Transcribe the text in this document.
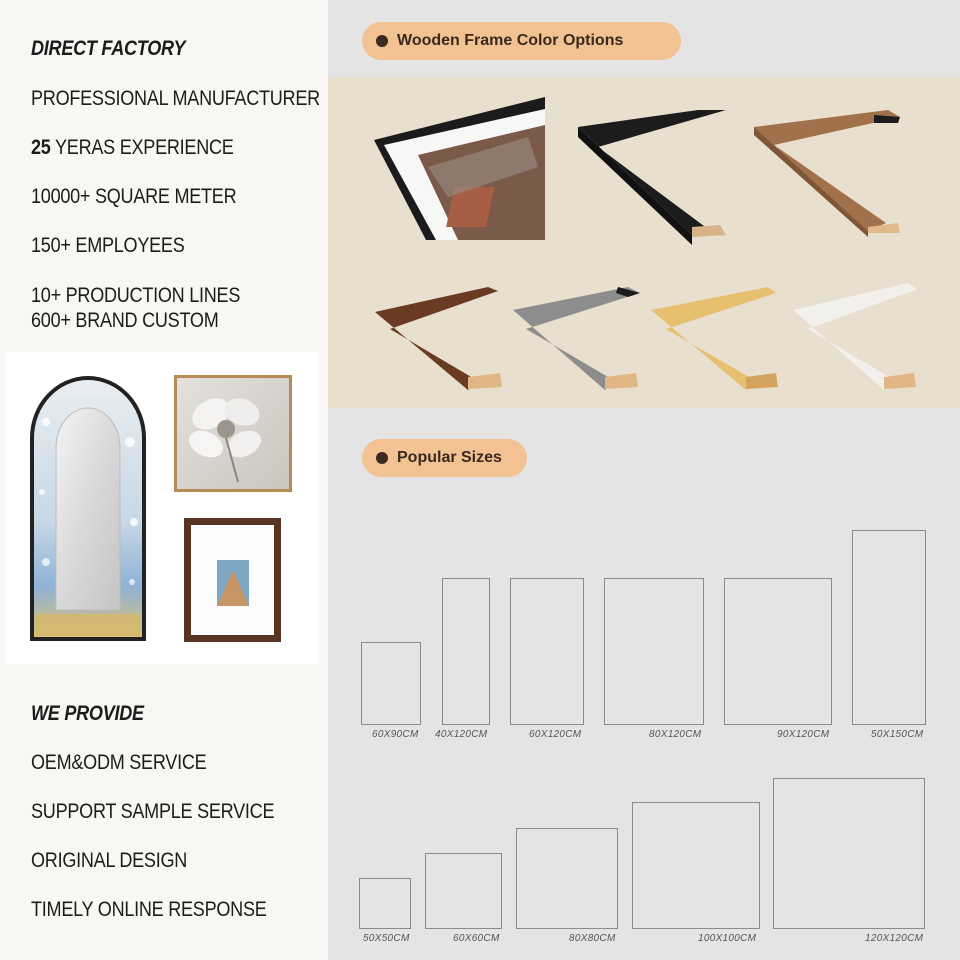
DIRECT FACTORY
PROFESSIONAL MANUFACTURER
25 YERAS EXPERIENCE
10000+ SQUARE METER
150+ EMPLOYEES
10+ PRODUCTION LINES
600+ BRAND CUSTOM
WE PROVIDE
OEM&ODM SERVICE
SUPPORT SAMPLE SERVICE
ORIGINAL DESIGN
TIMELY ONLINE RESPONSE
Wooden Frame Color Options
Popular Sizes
60X90CM 40X120CM	60X120CM	80X120CM	90X120CM	50X150CM
50X50CM	60X60CM	80X80CM	100X100CM	120X120CM
